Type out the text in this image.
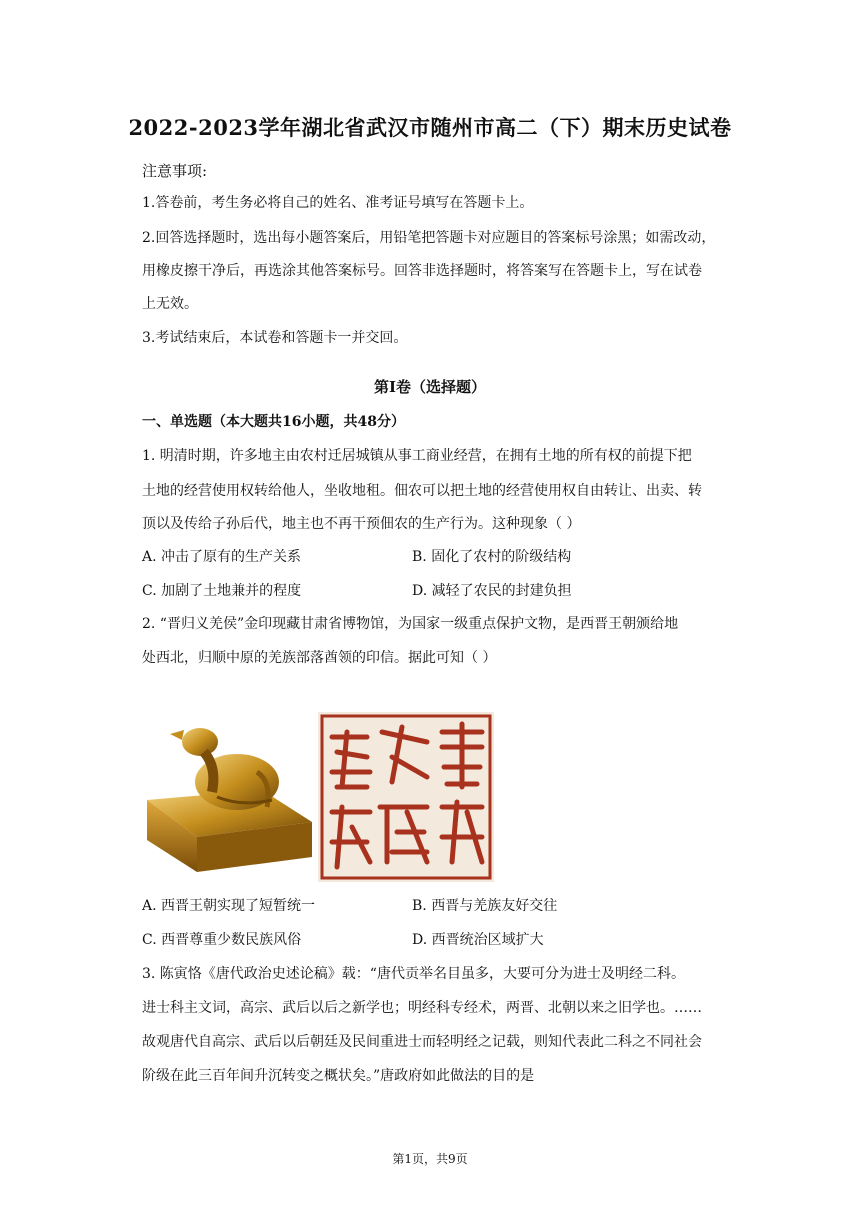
2022-2023学年湖北省武汉市随州市高二（下）期末历史试卷
注意事项:
1.答卷前，考生务必将自己的姓名、准考证号填写在答题卡上。
2.回答选择题时，选出每小题答案后，用铅笔把答题卡对应题目的答案标号涂黑；如需改动，
用橡皮擦干净后，再选涂其他答案标号。回答非选择题时，将答案写在答题卡上，写在试卷
上无效。
3.考试结束后，本试卷和答题卡一并交回。
第I卷（选择题）
一、单选题（本大题共16小题，共48分）
1. 明清时期，许多地主由农村迁居城镇从事工商业经营，在拥有土地的所有权的前提下把
土地的经营使用权转给他人，坐收地租。佃农可以把土地的经营使用权自由转让、出卖、转
顶以及传给子孙后代，地主也不再干预佃农的生产行为。这种现象（ ）
A. 冲击了原有的生产关系	B. 固化了农村的阶级结构
C. 加剧了土地兼并的程度	D. 减轻了农民的封建负担
2. “晋归义羌侯”金印现藏甘肃省博物馆，为国家一级重点保护文物，是西晋王朝颁给地
处西北，归顺中原的羌族部落酋领的印信。据此可知（ ）
A. 西晋王朝实现了短暂统一	B. 西晋与羌族友好交往
C. 西晋尊重少数民族风俗	D. 西晋统治区域扩大
3. 陈寅恪《唐代政治史述论稿》载：“唐代贡举名目虽多，大要可分为进士及明经二科。
进士科主文词，高宗、武后以后之新学也；明经科专经术，两晋、北朝以来之旧学也。……
故观唐代自高宗、武后以后朝廷及民间重进士而轻明经之记载，则知代表此二科之不同社会
阶级在此三百年间升沉转变之概状矣。”唐政府如此做法的目的是
第1页，共9页
